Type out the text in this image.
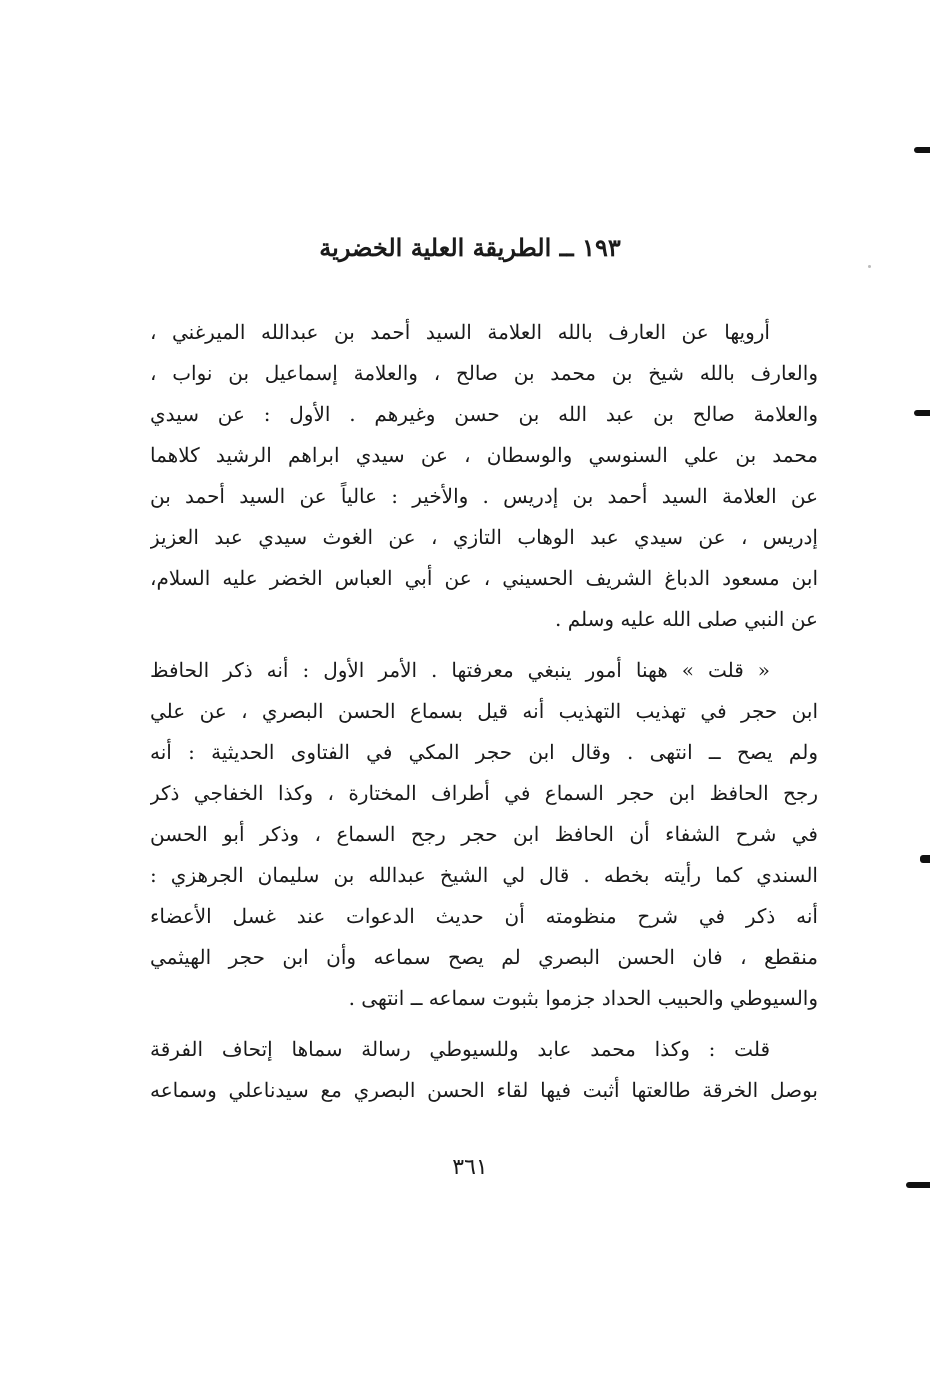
١٩٣ ــ الطريقة العلية الخضرية

أرويها عن العارف بالله العلامة السيد أحمد بن عبدالله الميرغني ،
والعارف بالله شيخ بن محمد بن صالح ، والعلامة إسماعيل بن نواب ،
والعلامة صالح بن عبد الله بن حسن وغيرهم . الأول : عن سيدي
محمد بن علي السنوسي والوسطان ، عن سيدي ابراهم الرشيد كلاهما
عن العلامة السيد أحمد بن إدريس . والأخير : عالياً عن السيد أحمد بن
إدريس ، عن سيدي عبد الوهاب التازي ، عن الغوث سيدي عبد العزيز
ابن مسعود الدباغ الشريف الحسيني ، عن أبي العباس الخضر عليه السلام،
عن النبي صلى الله عليه وسلم .

« قلت » ههنا أمور ينبغي معرفتها . الأمر الأول : أنه ذكر الحافظ
ابن حجر في تهذيب التهذيب أنه قيل بسماع الحسن البصري ، عن علي
ولم يصح ــ انتهى . وقال ابن حجر المكي في الفتاوى الحديثية : أنه
رجح الحافظ ابن حجر السماع في أطراف المختارة ، وكذا الخفاجي ذكر
في شرح الشفاء أن الحافظ ابن حجر رجح السماع ، وذكر أبو الحسن
السندي كما رأيته بخطه . قال لي الشيخ عبدالله بن سليمان الجرهزي :
أنه ذكر في شرح منظومته أن حديث الدعوات عند غسل الأعضاء
منقطع ، فان الحسن البصري لم يصح سماعه وأن ابن حجر الهيثمي
والسيوطي والحبيب الحداد جزموا بثبوت سماعه ــ انتهى .

قلت : وكذا محمد عابد وللسيوطي رسالة سماها إتحاف الفرقة
بوصل الخرقة طالعتها أثبت فيها لقاء الحسن البصري مع سيدناعلي وسماعه

٣٦١
